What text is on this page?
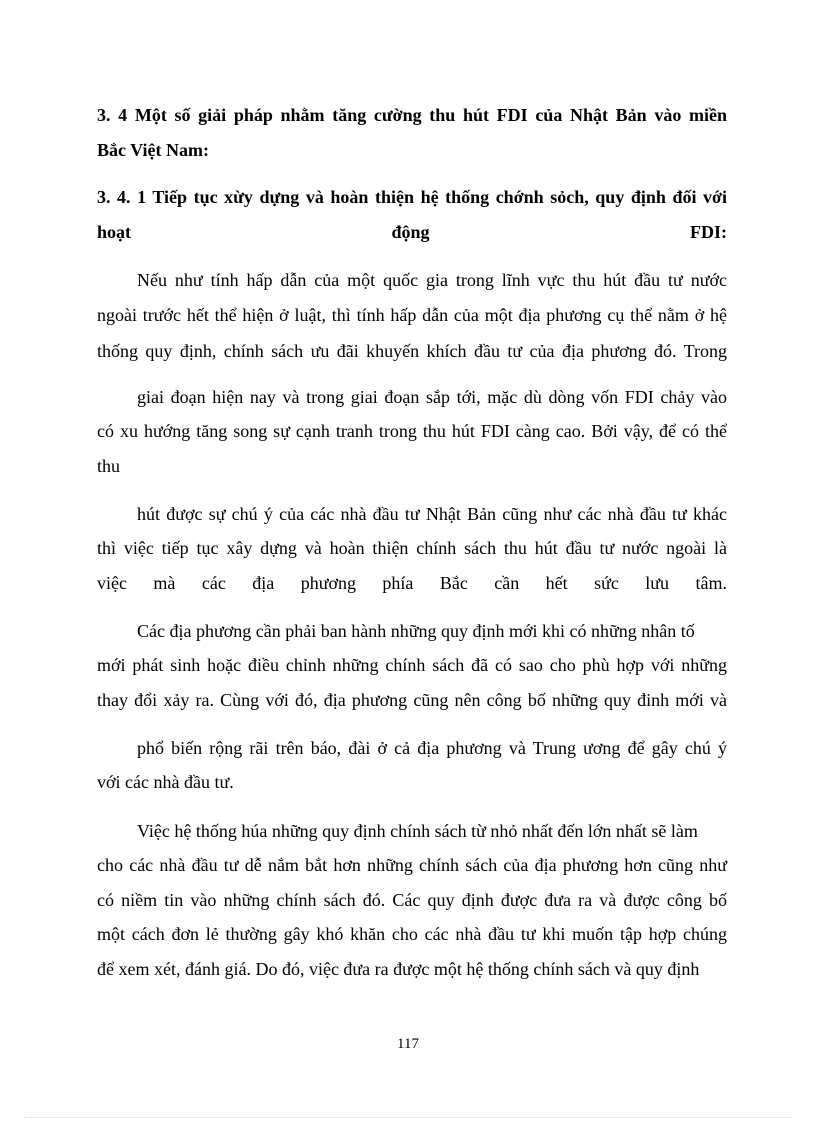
3. 4 Một số giải pháp nhằm tăng cường thu hút FDI của Nhật Bản vào miền
Bắc Việt Nam:
3. 4. 1 Tiếp tục xừy dựng và hoàn thiện hệ thống chớnh sỏch, quy định đối với
hoạt động FDI:
Nếu như tính hấp dẫn của một quốc gia trong lĩnh vực thu hút đầu tư nước
ngoài trước hết thể hiện ở luật, thì tính hấp dẫn của một địa phương cụ thể nằm ở hệ
thống quy định, chính sách ưu đãi khuyến khích đầu tư của địa phương đó. Trong
giai đoạn hiện nay và trong giai đoạn sắp tới, mặc dù dòng vốn FDI chảy vào
có xu hướng tăng song sự cạnh tranh trong thu hút FDI càng cao. Bởi vậy, để có thể
thu
hút được sự chú ý của các nhà đầu tư Nhật Bản cũng như các nhà đầu tư khác
thì việc tiếp tục xây dựng và hoàn thiện chính sách thu hút đầu tư nước ngoài là
việc mà các địa phương phía Bắc cần hết sức lưu tâm.
Các địa phương cần phải ban hành những quy định mới khi có những nhân tố
mới phát sinh hoặc điều chỉnh những chính sách đã có sao cho phù hợp với những
thay đổi xảy ra. Cùng với đó, địa phương cũng nên công bố những quy đinh mới và
phổ biến rộng rãi trên báo, đài ở cả địa phương và Trung ương để gây chú ý
với các nhà đầu tư.
Việc hệ thống húa những quy định chính sách từ nhỏ nhất đến lớn nhất sẽ làm
cho các nhà đầu tư dễ nắm bắt hơn những chính sách của địa phương hơn cũng như
có niềm tin vào những chính sách đó. Các quy định được đưa ra và được công bố
một cách đơn lẻ thường gây khó khăn cho các nhà đầu tư khi muốn tập hợp chúng
để xem xét, đánh giá. Do đó, việc đưa ra được một hệ thống chính sách và quy định
117
